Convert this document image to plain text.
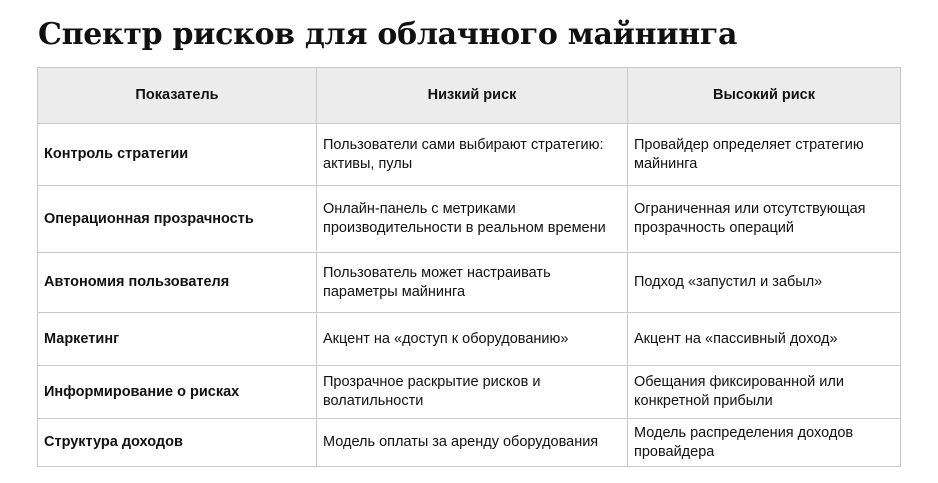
Спектр рисков для облачного майнинга
Показатель	Низкий риск	Высокий риск
Контроль стратегии	Пользователи сами выбирают стратегию: активы, пулы	Провайдер определяет стратегию майнинга
Операционная прозрачность	Онлайн-панель с метриками производительности в реальном времени	Ограниченная или отсутствующая прозрачность операций
Автономия пользователя	Пользователь может настраивать параметры майнинга	Подход «запустил и забыл»
Маркетинг	Акцент на «доступ к оборудованию»	Акцент на «пассивный доход»
Информирование о рисках	Прозрачное раскрытие рисков и волатильности	Обещания фиксированной или конкретной прибыли
Структура доходов	Модель оплаты за аренду оборудования	Модель распределения доходов провайдера
